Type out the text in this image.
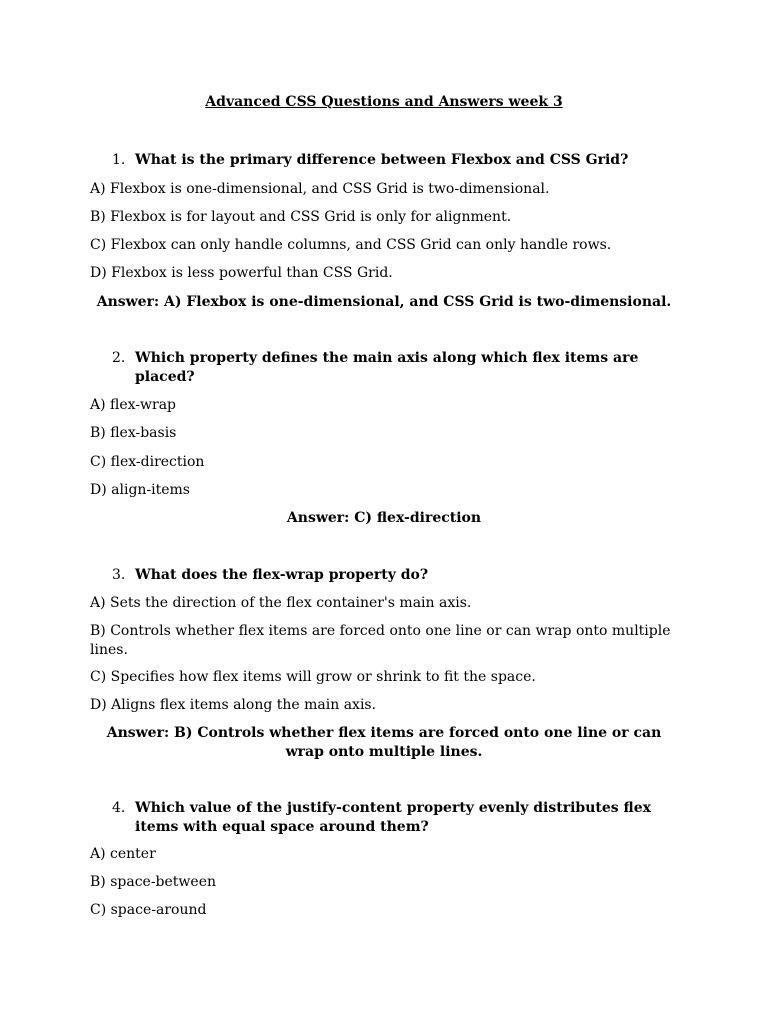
Advanced CSS Questions and Answers week 3
1. What is the primary difference between Flexbox and CSS Grid?
A) Flexbox is one-dimensional, and CSS Grid is two-dimensional.
B) Flexbox is for layout and CSS Grid is only for alignment.
C) Flexbox can only handle columns, and CSS Grid can only handle rows.
D) Flexbox is less powerful than CSS Grid.
Answer: A) Flexbox is one-dimensional, and CSS Grid is two-dimensional.
2. Which property defines the main axis along which flex items are placed?
A) flex-wrap
B) flex-basis
C) flex-direction
D) align-items
Answer: C) flex-direction
3. What does the flex-wrap property do?
A) Sets the direction of the flex container's main axis.
B) Controls whether flex items are forced onto one line or can wrap onto multiple lines.
C) Specifies how flex items will grow or shrink to fit the space.
D) Aligns flex items along the main axis.
Answer: B) Controls whether flex items are forced onto one line or can wrap onto multiple lines.
4. Which value of the justify-content property evenly distributes flex items with equal space around them?
A) center
B) space-between
C) space-around
